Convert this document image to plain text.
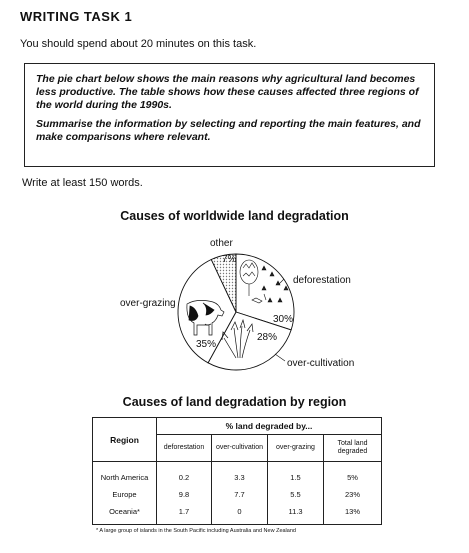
WRITING TASK 1
You should spend about 20 minutes on this task.

The pie chart below shows the main reasons why agricultural land becomes less productive. The table shows how these causes affected three regions of the world during the 1990s.

Summarise the information by selecting and reporting the main features, and make comparisons where relevant.

Write at least 150 words.
Causes of worldwide land degradation
other
7%
deforestation
30%
28%
over-cultivation
over-grazing
35%
Causes of land degradation by region
Region	% land degraded by...			
	deforestation	over-cultivation	over-grazing	Total land degraded
North America	0.2	3.3	1.5	5%
Europe	9.8	7.7	5.5	23%
Oceania*	1.7	0	11.3	13%
* A large group of islands in the South Pacific including Australia and New Zealand
